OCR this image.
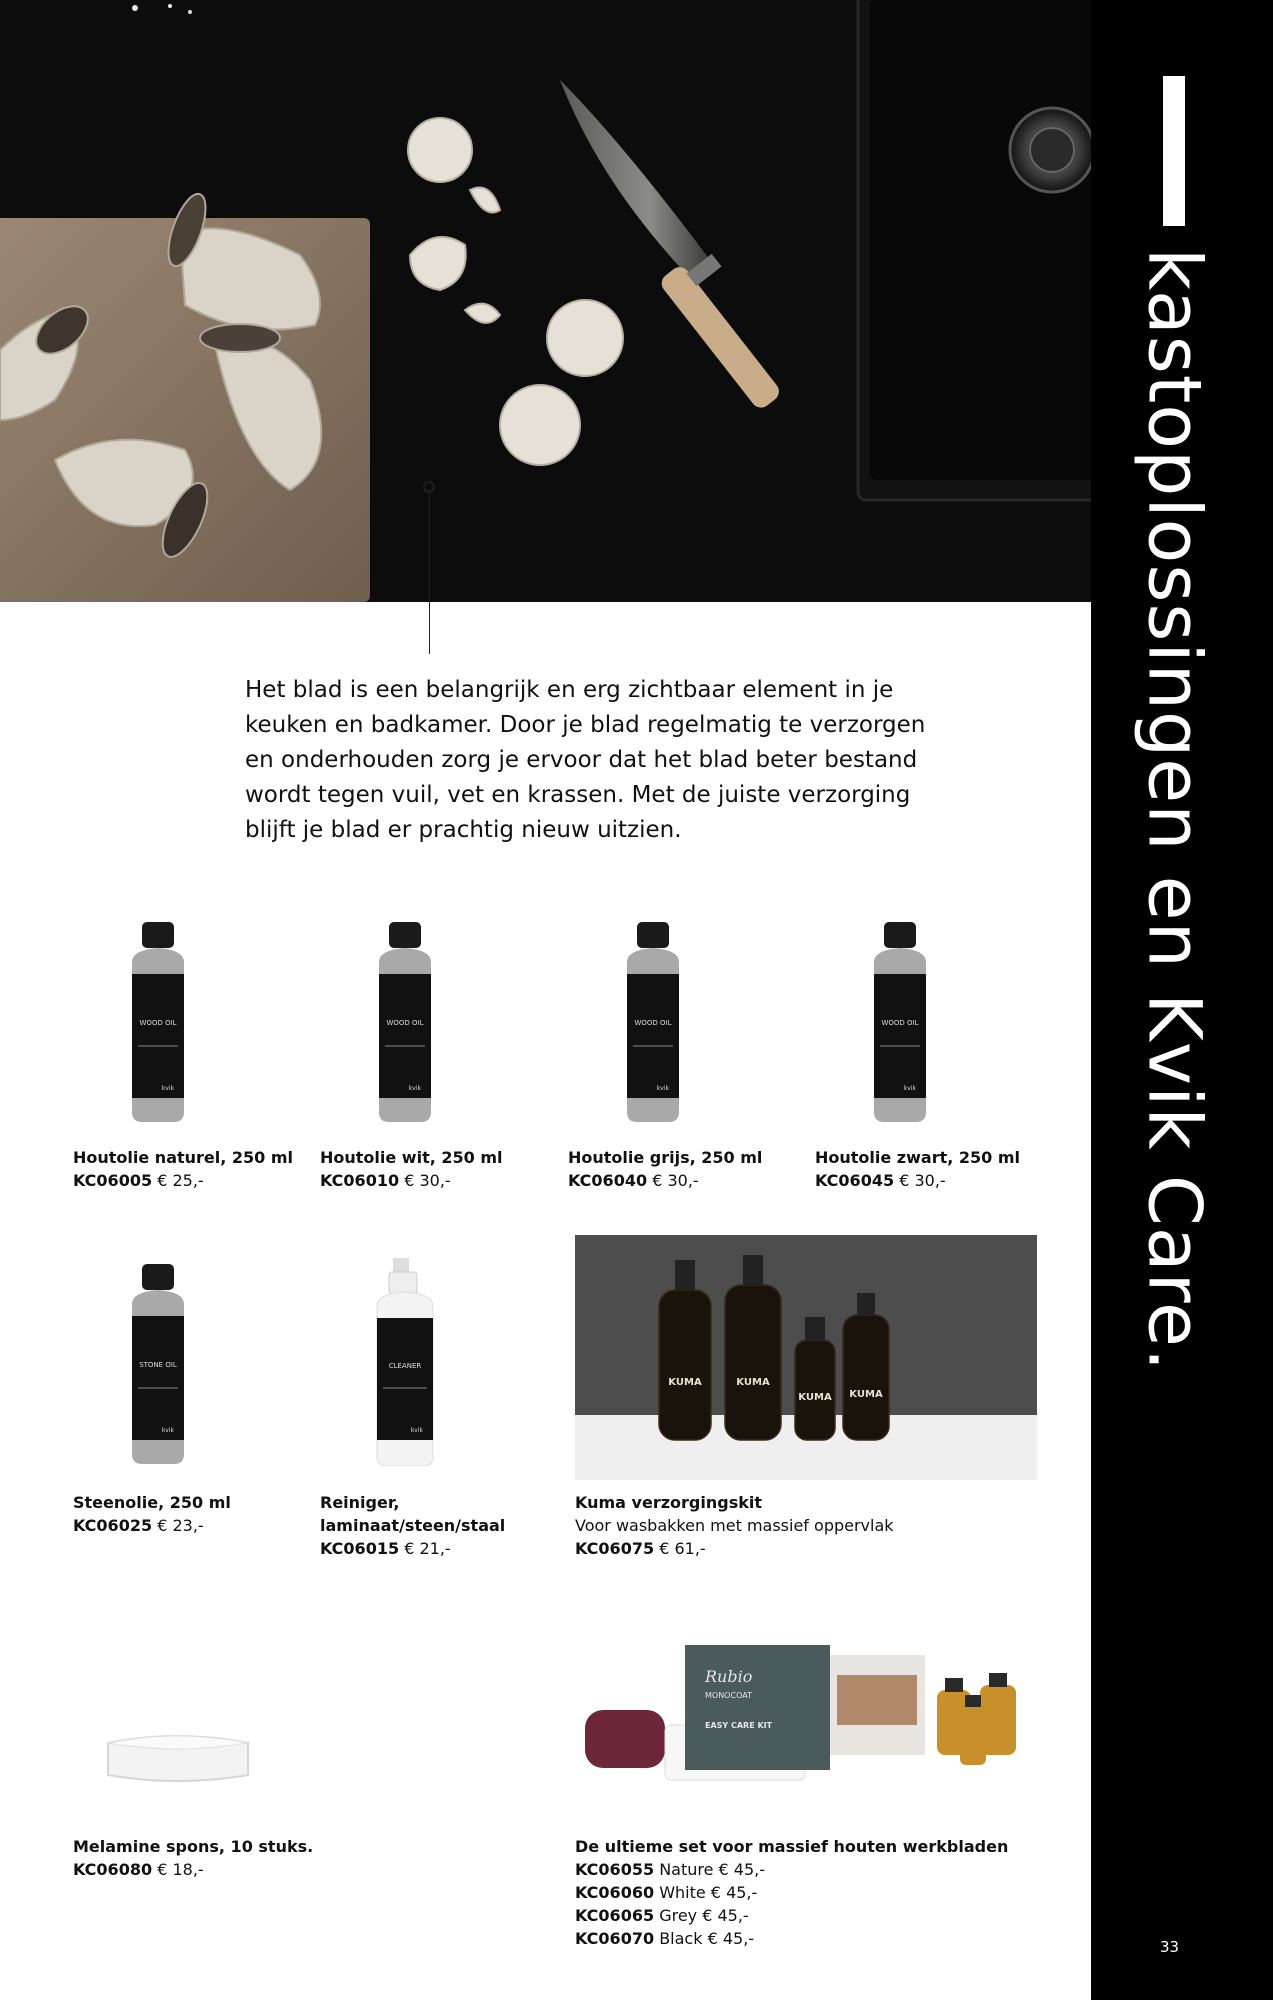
kastoplossingen en Kvik Care.
33
Het blad is een belangrijk en erg zichtbaar element in je keuken en badkamer. Door je blad regelmatig te verzorgen en onderhouden zorg je ervoor dat het blad beter bestand wordt tegen vuil, vet en krassen. Met de juiste verzorging blijft je blad er prachtig nieuw uitzien.
WOOD OIL
kvik
WOOD OIL
kvik
WOOD OIL
kvik
WOOD OIL
kvik
Houtolie naturel, 250 ml
KC06005 € 25,-
Houtolie wit, 250 ml
KC06010 € 30,-
Houtolie grijs, 250 ml
KC06040 € 30,-
Houtolie zwart, 250 ml
KC06045 € 30,-
STONE OIL
kvik
CLEANER
kvik
KUMA	KUMA
KUMA KUMA
Steenolie, 250 ml
KC06025 € 23,-
Reiniger,
laminaat/steen/staal
KC06015 € 21,-
Kuma verzorgingskit
Voor wasbakken met massief oppervlak
KC06075 € 61,-
Rubio
MONOCOAT
EASY CARE KIT
Melamine spons, 10 stuks.
KC06080 € 18,-
De ultieme set voor massief houten werkbladen
KC06055 Nature € 45,-
KC06060 White € 45,-
KC06065 Grey € 45,-
KC06070 Black € 45,-
